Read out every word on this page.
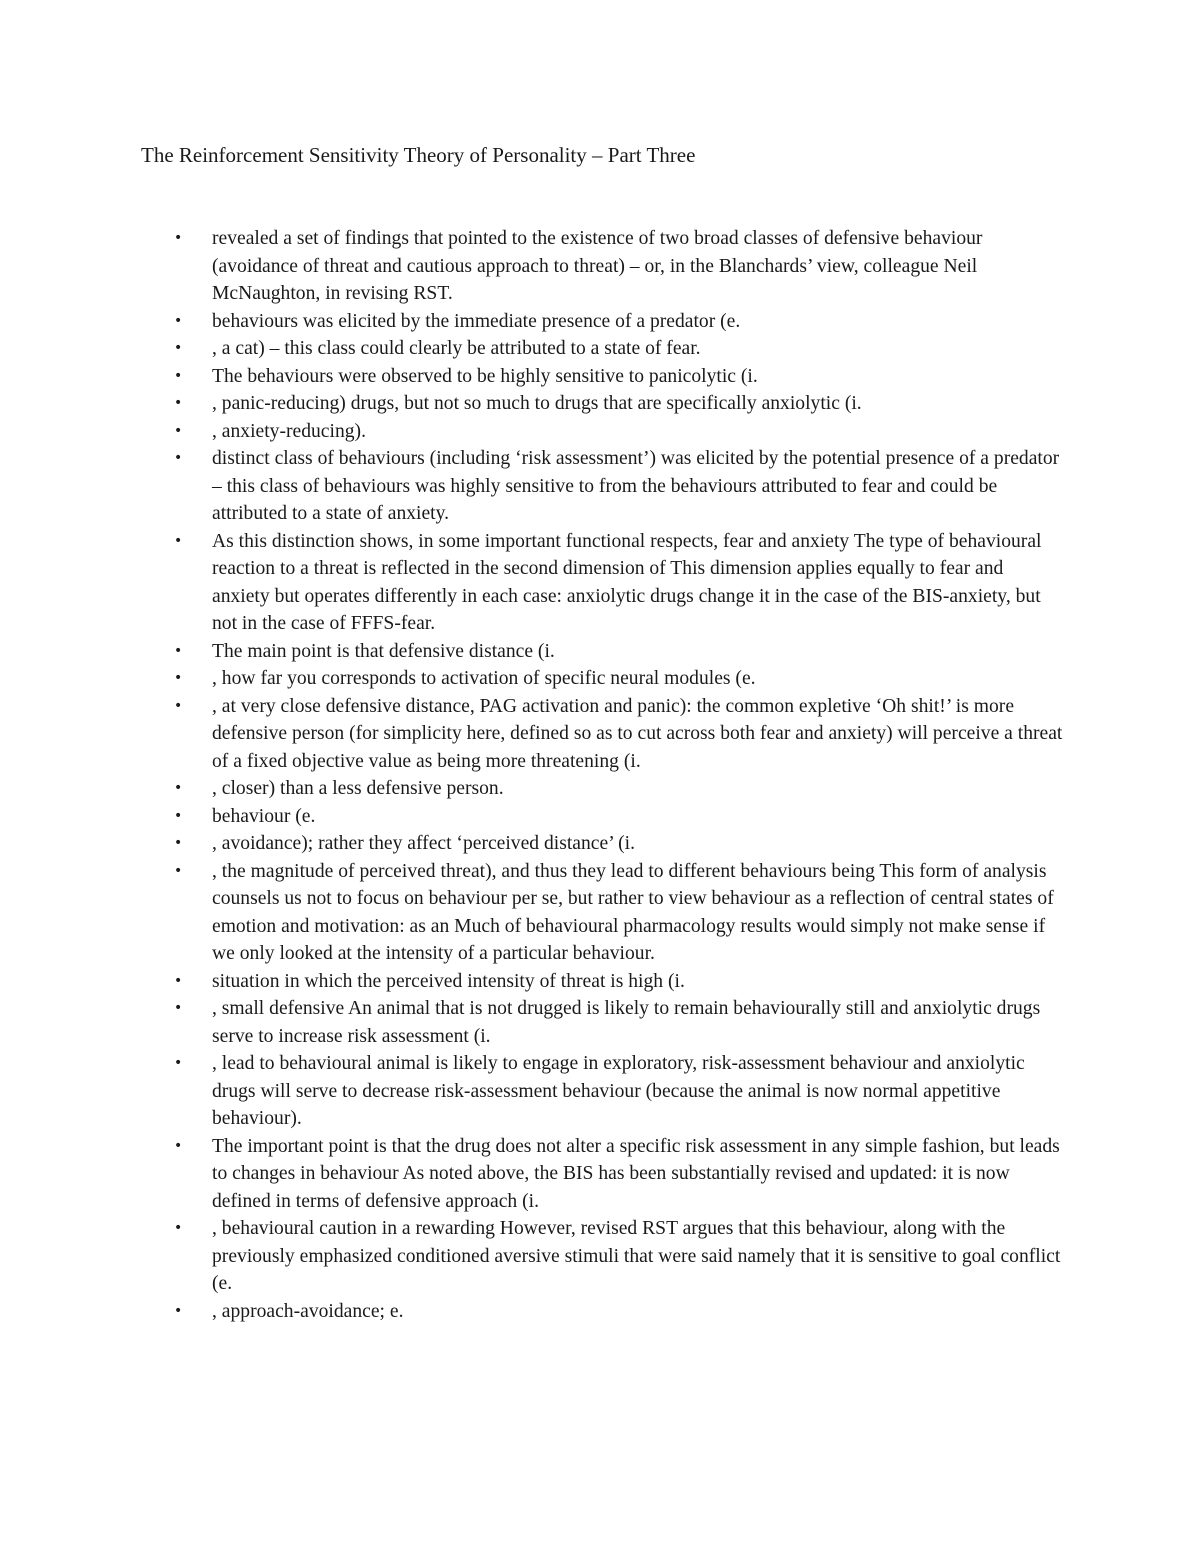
The Reinforcement Sensitivity Theory of Personality – Part Three
• revealed a set of findings that pointed to the existence of two broad classes of defensive behaviour (avoidance of threat and cautious approach to threat) – or, in the Blanchards’ view, colleague Neil McNaughton, in revising RST.
• behaviours was elicited by the immediate presence of a predator (e.
• , a cat) – this class could clearly be attributed to a state of fear.
• The behaviours were observed to be highly sensitive to panicolytic (i.
• , panic-reducing) drugs, but not so much to drugs that are specifically anxiolytic (i.
• , anxiety-reducing).
• distinct class of behaviours (including ‘risk assessment’) was elicited by the potential presence of a predator – this class of behaviours was highly sensitive to from the behaviours attributed to fear and could be attributed to a state of anxiety.
• As this distinction shows, in some important functional respects, fear and anxiety The type of behavioural reaction to a threat is reflected in the second dimension of This dimension applies equally to fear and anxiety but operates differently in each case: anxiolytic drugs change it in the case of the BIS-anxiety, but not in the case of FFFS-fear.
• The main point is that defensive distance (i.
• , how far you corresponds to activation of specific neural modules (e.
• , at very close defensive distance, PAG activation and panic): the common expletive ‘Oh shit!’ is more defensive person (for simplicity here, defined so as to cut across both fear and anxiety) will perceive a threat of a fixed objective value as being more threatening (i.
• , closer) than a less defensive person.
• behaviour (e.
• , avoidance); rather they affect ‘perceived distance’ (i.
• , the magnitude of perceived threat), and thus they lead to different behaviours being This form of analysis counsels us not to focus on behaviour per se, but rather to view behaviour as a reflection of central states of emotion and motivation: as an Much of behavioural pharmacology results would simply not make sense if we only looked at the intensity of a particular behaviour.
• situation in which the perceived intensity of threat is high (i.
• , small defensive An animal that is not drugged is likely to remain behaviourally still and anxiolytic drugs serve to increase risk assessment (i.
• , lead to behavioural animal is likely to engage in exploratory, risk-assessment behaviour and anxiolytic drugs will serve to decrease risk-assessment behaviour (because the animal is now normal appetitive behaviour).
• The important point is that the drug does not alter a specific risk assessment in any simple fashion, but leads to changes in behaviour As noted above, the BIS has been substantially revised and updated: it is now defined in terms of defensive approach (i.
• , behavioural caution in a rewarding However, revised RST argues that this behaviour, along with the previously emphasized conditioned aversive stimuli that were said namely that it is sensitive to goal conflict (e.
• , approach-avoidance; e.
